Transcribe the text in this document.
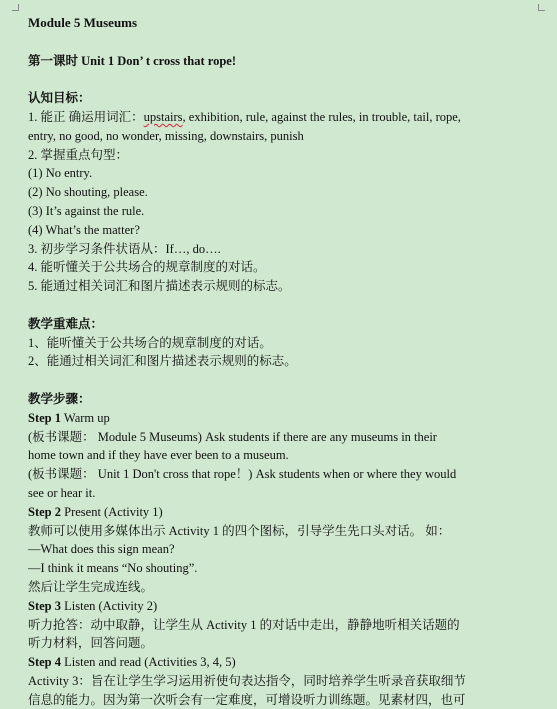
Module 5 Museums
第一课时 Unit 1 Don’ t cross that rope!
认知目标：
1. 能正 确运用词汇：upstairs, exhibition, rule, against the rules, in trouble, tail, rope,
entry, no good, no wonder, missing, downstairs, punish
2. 掌握重点句型：
(1) No entry.
(2) No shouting, please.
(3) It’s against the rule.
(4) What’s the matter?
3. 初步学习条件状语从：If…, do….
4. 能听懂关于公共场合的规章制度的对话。
5. 能通过相关词汇和图片描述表示规则的标志。
教学重难点：
1、能听懂关于公共场合的规章制度的对话。
2、能通过相关词汇和图片描述表示规则的标志。
教学步骤：
Step 1 Warm up
(板书课题： Module 5 Museums) Ask students if there are any museums in their
home town and if they have ever been to a museum.
(板书课题： Unit 1 Don't cross that rope！) Ask students when or where they would
see or hear it.
Step 2 Present (Activity 1)
教师可以使用多媒体出示 Activity 1 的四个图标，引导学生先口头对话。 如：
—What does this sign mean?
—I think it means “No shouting”.
然后让学生完成连线。
Step 3 Listen (Activity 2)
听力抢答：动中取静，让学生从 Activity 1 的对话中走出，静静地听相关话题的
听力材料，回答问题。
Step 4 Listen and read (Activities 3, 4, 5)
Activity 3：旨在让学生学习运用祈使句表达指令，同时培养学生听录音获取细节
信息的能力。因为第一次听会有一定难度，可增设听力训练题。见素材四，也可
